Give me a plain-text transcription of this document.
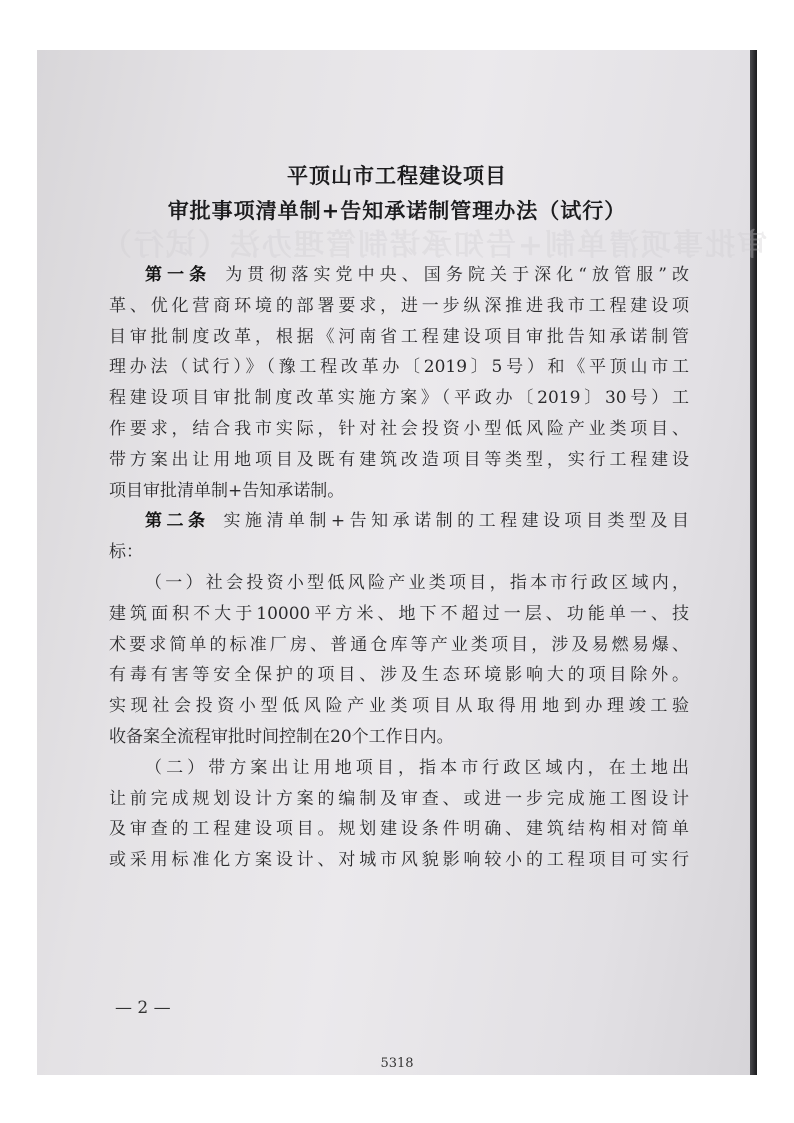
审批事项清单制+告知承诺制管理办法（试行）
平顶山市工程建设项目
审批事项清单制+告知承诺制管理办法（试行）
第一条 为贯彻落实党中央、国务院关于深化“放管服”改
革、优化营商环境的部署要求，进一步纵深推进我市工程建设项
目审批制度改革，根据《河南省工程建设项目审批告知承诺制管
理办法（试行）》（豫工程改革办〔2019〕5号）和《平顶山市工
程建设项目审批制度改革实施方案》（平政办〔2019〕30号）工
作要求，结合我市实际，针对社会投资小型低风险产业类项目、
带方案出让用地项目及既有建筑改造项目等类型，实行工程建设
项目审批清单制+告知承诺制。
第二条 实施清单制+告知承诺制的工程建设项目类型及目
标：
（一）社会投资小型低风险产业类项目，指本市行政区域内，
建筑面积不大于10000平方米、地下不超过一层、功能单一、技
术要求简单的标准厂房、普通仓库等产业类项目，涉及易燃易爆、
有毒有害等安全保护的项目、涉及生态环境影响大的项目除外。
实现社会投资小型低风险产业类项目从取得用地到办理竣工验
收备案全流程审批时间控制在20个工作日内。
（二）带方案出让用地项目，指本市行政区域内，在土地出
让前完成规划设计方案的编制及审查、或进一步完成施工图设计
及审查的工程建设项目。规划建设条件明确、建筑结构相对简单
或采用标准化方案设计、对城市风貌影响较小的工程项目可实行
— 2 —
5318
